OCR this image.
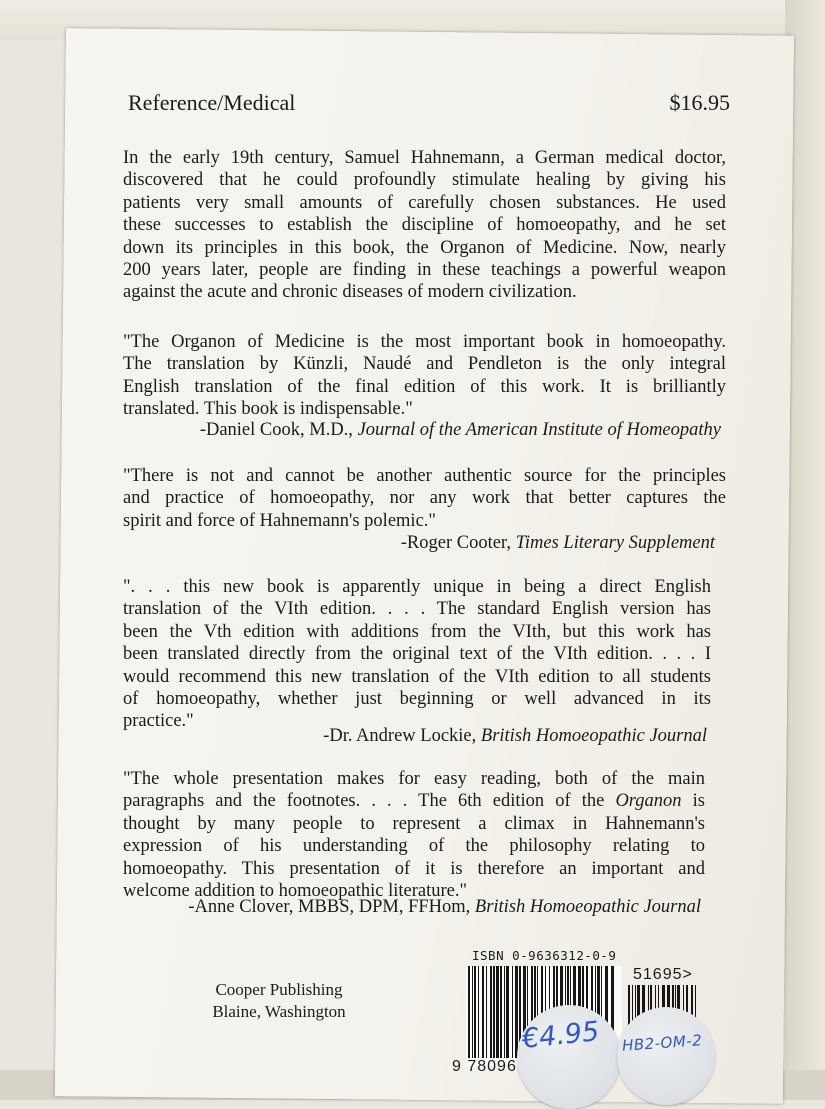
Reference/Medical	$16.95
In the early 19th century, Samuel Hahnemann, a German medical doctor,
discovered that he could profoundly stimulate healing by giving his
patients very small amounts of carefully chosen substances. He used
these successes to establish the discipline of homoeopathy, and he set
down its principles in this book, the Organon of Medicine. Now, nearly
200 years later, people are finding in these teachings a powerful weapon
against the acute and chronic diseases of modern civilization.
"The Organon of Medicine is the most important book in homoeopathy.
The translation by Künzli, Naudé and Pendleton is the only integral
English translation of the final edition of this work. It is brilliantly
translated. This book is indispensable."
-Daniel Cook, M.D., Journal of the American Institute of Homeopathy
"There is not and cannot be another authentic source for the principles
and practice of homoeopathy, nor any work that better captures the
spirit and force of Hahnemann's polemic."
-Roger Cooter, Times Literary Supplement
". . . this new book is apparently unique in being a direct English
translation of the VIth edition. . . . The standard English version has
been the Vth edition with additions from the VIth, but this work has
been translated directly from the original text of the VIth edition. . . . I
would recommend this new translation of the VIth edition to all students
of homoeopathy, whether just beginning or well advanced in its
practice."
-Dr. Andrew Lockie, British Homoeopathic Journal
"The whole presentation makes for easy reading, both of the main
paragraphs and the footnotes. . . . The 6th edition of the Organon is
thought by many people to represent a climax in Hahnemann's
expression of his understanding of the philosophy relating to
homoeopathy. This presentation of it is therefore an important and
welcome addition to homoeopathic literature."
-Anne Clover, MBBS, DPM, FFHom, British Homoeopathic Journal
Cooper Publishing
Blaine, Washington
ISBN 0-9636312-0-9
51695>
9 78096
€4.95 HB2-OM-2
